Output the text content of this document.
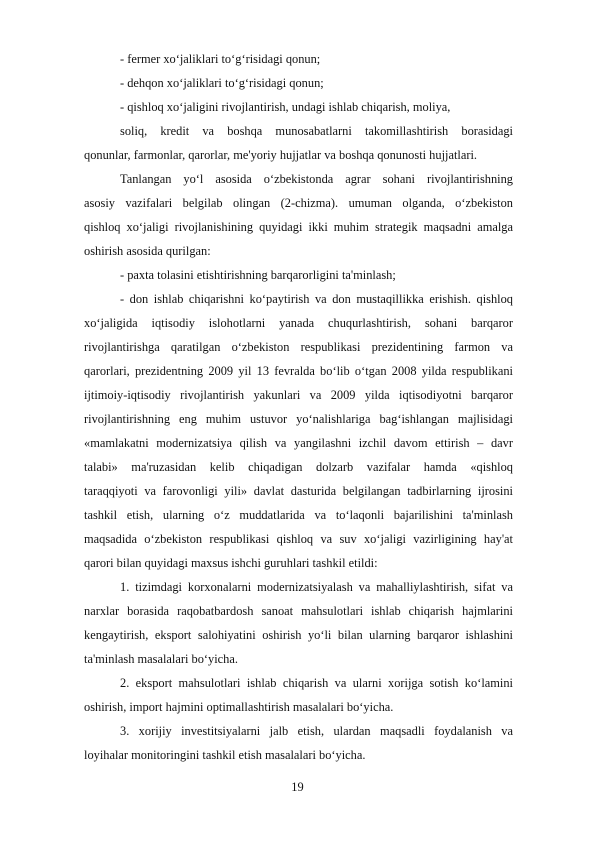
- fermer xo‘jaliklari to‘g‘risidagi qonun;
- dehqon xo‘jaliklari to‘g‘risidagi qonun;
- qishloq xo‘jaligini rivojlantirish, undagi ishlab chiqarish, moliya,
soliq, kredit va boshqa munosabatlarni takomillashtirish borasidagi
qonunlar, farmonlar, qarorlar, me'yoriy hujjatlar va boshqa qonunosti hujjatlari.
Tanlangan yo‘l asosida o‘zbekistonda agrar sohani rivojlantirishning
asosiy vazifalari belgilab olingan (2-chizma). umuman olganda, o‘zbekiston
qishloq xo‘jaligi rivojlanishining quyidagi ikki muhim strategik maqsadni amalga
oshirish asosida qurilgan:
- paxta tolasini etishtirishning barqarorligini ta'minlash;
- don ishlab chiqarishni ko‘paytirish va don mustaqillikka erishish. qishloq
xo‘jaligida iqtisodiy islohotlarni yanada chuqurlashtirish, sohani barqaror
rivojlantirishga qaratilgan o‘zbekiston respublikasi prezidentining farmon va
qarorlari, prezidentning 2009 yil 13 fevralda bo‘lib o‘tgan 2008 yilda respublikani
ijtimoiy-iqtisodiy rivojlantirish yakunlari va 2009 yilda iqtisodiyotni barqaror
rivojlantirishning eng muhim ustuvor yo‘nalishlariga bag‘ishlangan majlisidagi
«mamlakatni modernizatsiya qilish va yangilashni izchil davom ettirish – davr
talabi» ma'ruzasidan kelib chiqadigan dolzarb vazifalar hamda «qishloq
taraqqiyoti va farovonligi yili» davlat dasturida belgilangan tadbirlarning ijrosini
tashkil etish, ularning o‘z muddatlarida va to‘laqonli bajarilishini ta'minlash
maqsadida o‘zbekiston respublikasi qishloq va suv xo‘jaligi vazirligining hay'at
qarori bilan quyidagi maxsus ishchi guruhlari tashkil etildi:
1. tizimdagi korxonalarni modernizatsiyalash va mahalliylashtirish, sifat va
narxlar borasida raqobatbardosh sanoat mahsulotlari ishlab chiqarish hajmlarini
kengaytirish, eksport salohiyatini oshirish yo‘li bilan ularning barqaror ishlashini
ta'minlash masalalari bo‘yicha.
2. eksport mahsulotlari ishlab chiqarish va ularni xorijga sotish ko‘lamini
oshirish, import hajmini optimallashtirish masalalari bo‘yicha.
3. xorijiy investitsiyalarni jalb etish, ulardan maqsadli foydalanish va
loyihalar monitoringini tashkil etish masalalari bo‘yicha.
19
